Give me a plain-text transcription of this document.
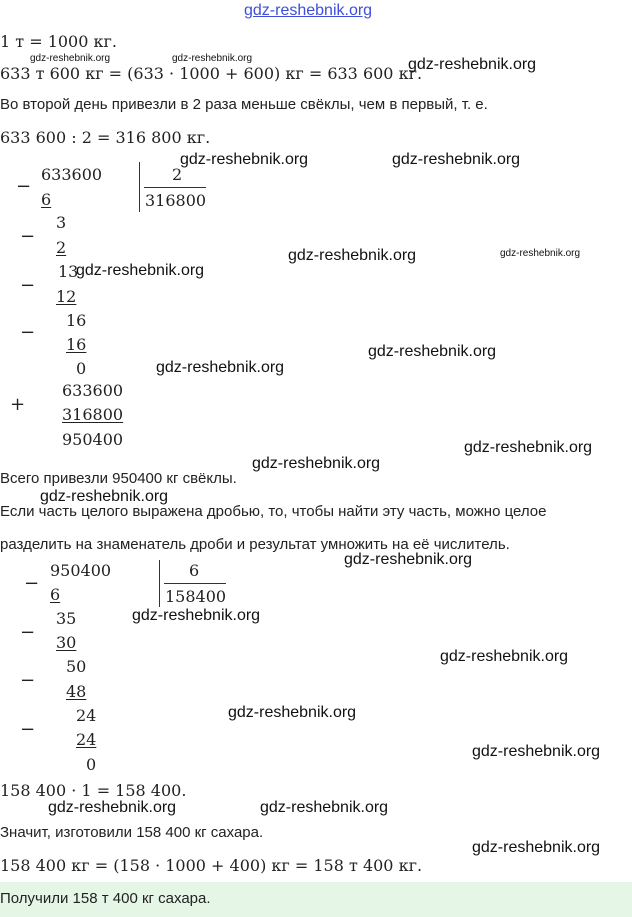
gdz-reshebnik.org
1 т = 1000 кг.
gdz-reshebnik.org	gdz-reshebnik.org
633 т 600 кг = (633 · 1000 + 600) кг = 633 600 кг.
gdz-reshebnik.org
Во второй день привезли в 2 раза меньше свёклы, чем в первый, т. е.
633 600 : 2 = 316 800 кг.
gdz-reshebnik.org	gdz-reshebnik.org
−
633600	2
316800
6
−
3
2
−
13
12
gdz-reshebnik.org
gdz-reshebnik.org	gdz-reshebnik.org
−
16
16
0
gdz-reshebnik.org
gdz-reshebnik.org
+
633600
316800
950400	gdz-reshebnik.org
gdz-reshebnik.org
Всего привезли 950400 кг свёклы.
gdz-reshebnik.org
Если часть целого выражена дробью, то, чтобы найти эту часть, можно целое
разделить на знаменатель дроби и результат умножить на её числитель.
gdz-reshebnik.org
−
950400	6
158400
6
−
35
30
gdz-reshebnik.org
−
50
48
gdz-reshebnik.org
−
24
24
0
gdz-reshebnik.org
gdz-reshebnik.org
158 400 · 1 = 158 400.
gdz-reshebnik.org	gdz-reshebnik.org
Значит, изготовили 158 400 кг сахара.
gdz-reshebnik.org
158 400 кг = (158 · 1000 + 400) кг = 158 т 400 кг.
Получили 158 т 400 кг сахара.
